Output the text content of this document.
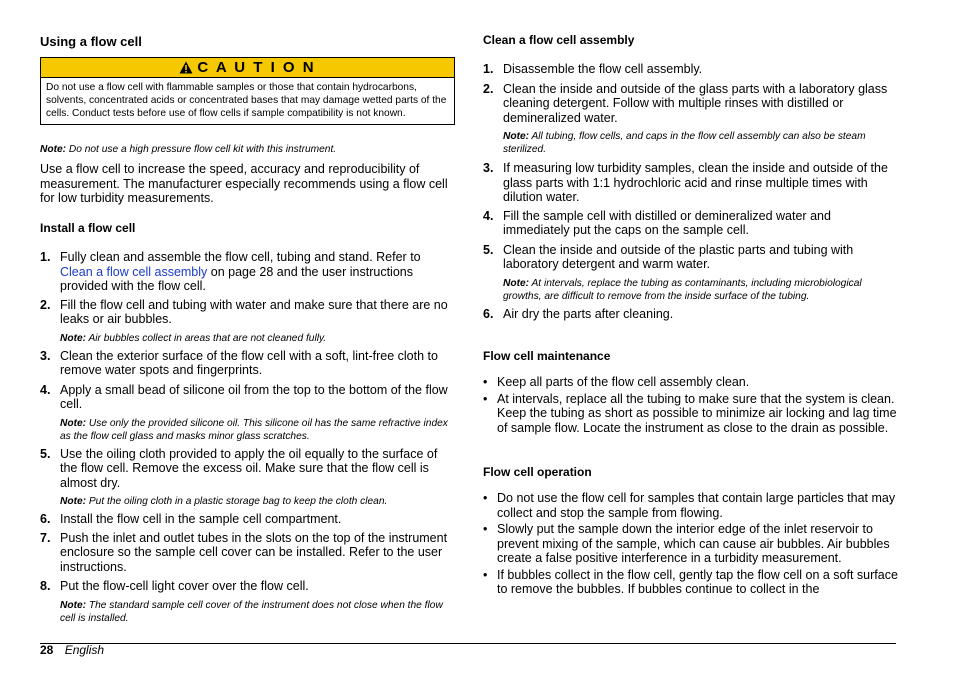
Using a flow cell
C A U T I O N
Do not use a flow cell with flammable samples or those that contain hydrocarbons, solvents, concentrated acids or concentrated bases that may damage wetted parts of the cells. Conduct tests before use of flow cells if sample compatibility is not known.
Note: Do not use a high pressure flow cell kit with this instrument.
Use a flow cell to increase the speed, accuracy and reproducibility of measurement. The manufacturer especially recommends using a flow cell for low turbidity measurements.
Install a flow cell
1. Fully clean and assemble the flow cell, tubing and stand. Refer to Clean a flow cell assembly on page 28 and the user instructions provided with the flow cell.
2. Fill the flow cell and tubing with water and make sure that there are no leaks or air bubbles.
Note: Air bubbles collect in areas that are not cleaned fully.
3. Clean the exterior surface of the flow cell with a soft, lint-free cloth to remove water spots and fingerprints.
4. Apply a small bead of silicone oil from the top to the bottom of the flow cell.
Note: Use only the provided silicone oil. This silicone oil has the same refractive index as the flow cell glass and masks minor glass scratches.
5. Use the oiling cloth provided to apply the oil equally to the surface of the flow cell. Remove the excess oil. Make sure that the flow cell is almost dry.
Note: Put the oiling cloth in a plastic storage bag to keep the cloth clean.
6. Install the flow cell in the sample cell compartment.
7. Push the inlet and outlet tubes in the slots on the top of the instrument enclosure so the sample cell cover can be installed. Refer to the user instructions.
8. Put the flow-cell light cover over the flow cell.
Note: The standard sample cell cover of the instrument does not close when the flow cell is installed.
Clean a flow cell assembly
1. Disassemble the flow cell assembly.
2. Clean the inside and outside of the glass parts with a laboratory glass cleaning detergent. Follow with multiple rinses with distilled or demineralized water.
Note: All tubing, flow cells, and caps in the flow cell assembly can also be steam sterilized.
3. If measuring low turbidity samples, clean the inside and outside of the glass parts with 1:1 hydrochloric acid and rinse multiple times with dilution water.
4. Fill the sample cell with distilled or demineralized water and immediately put the caps on the sample cell.
5. Clean the inside and outside of the plastic parts and tubing with laboratory detergent and warm water.
Note: At intervals, replace the tubing as contaminants, including microbiological growths, are difficult to remove from the inside surface of the tubing.
6. Air dry the parts after cleaning.
Flow cell maintenance
• Keep all parts of the flow cell assembly clean.
• At intervals, replace all the tubing to make sure that the system is clean. Keep the tubing as short as possible to minimize air locking and lag time of sample flow. Locate the instrument as close to the drain as possible.
Flow cell operation
• Do not use the flow cell for samples that contain large particles that may collect and stop the sample from flowing.
• Slowly put the sample down the interior edge of the inlet reservoir to prevent mixing of the sample, which can cause air bubbles. Air bubbles create a false positive interference in a turbidity measurement.
• If bubbles collect in the flow cell, gently tap the flow cell on a soft surface to remove the bubbles. If bubbles continue to collect in the
28 English
